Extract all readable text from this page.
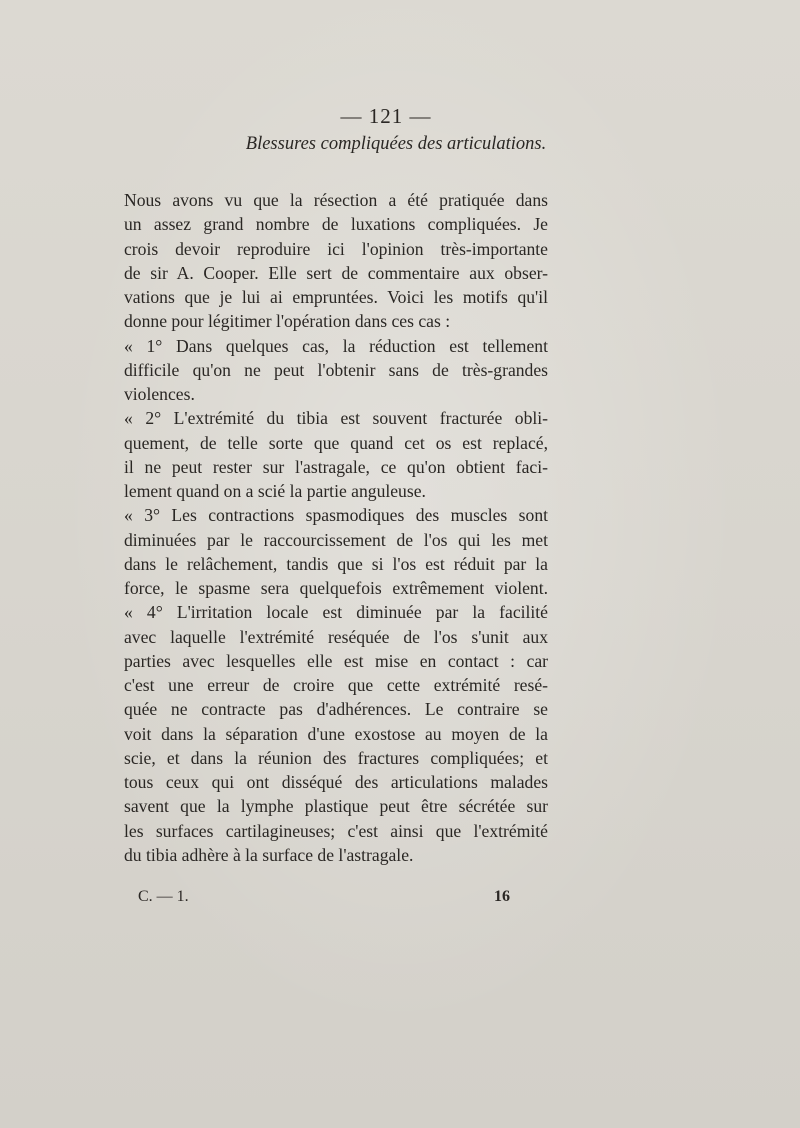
— 121 —
Blessures compliquées des articulations.
Nous avons vu que la résection a été pratiquée dans
un assez grand nombre de luxations compliquées. Je
crois devoir reproduire ici l'opinion très-importante
de sir A. Cooper. Elle sert de commentaire aux obser-
vations que je lui ai empruntées. Voici les motifs qu'il
donne pour légitimer l'opération dans ces cas :
« 1° Dans quelques cas, la réduction est tellement
difficile qu'on ne peut l'obtenir sans de très-grandes
violences.
« 2° L'extrémité du tibia est souvent fracturée obli-
quement, de telle sorte que quand cet os est replacé,
il ne peut rester sur l'astragale, ce qu'on obtient faci-
lement quand on a scié la partie anguleuse.
« 3° Les contractions spasmodiques des muscles sont
diminuées par le raccourcissement de l'os qui les met
dans le relâchement, tandis que si l'os est réduit par la
force, le spasme sera quelquefois extrêmement violent.
« 4° L'irritation locale est diminuée par la facilité
avec laquelle l'extrémité reséquée de l'os s'unit aux
parties avec lesquelles elle est mise en contact : car
c'est une erreur de croire que cette extrémité resé-
quée ne contracte pas d'adhérences. Le contraire se
voit dans la séparation d'une exostose au moyen de la
scie, et dans la réunion des fractures compliquées; et
tous ceux qui ont disséqué des articulations malades
savent que la lymphe plastique peut être sécrétée sur
les surfaces cartilagineuses; c'est ainsi que l'extrémité
du tibia adhère à la surface de l'astragale.
C. — 1.	16
